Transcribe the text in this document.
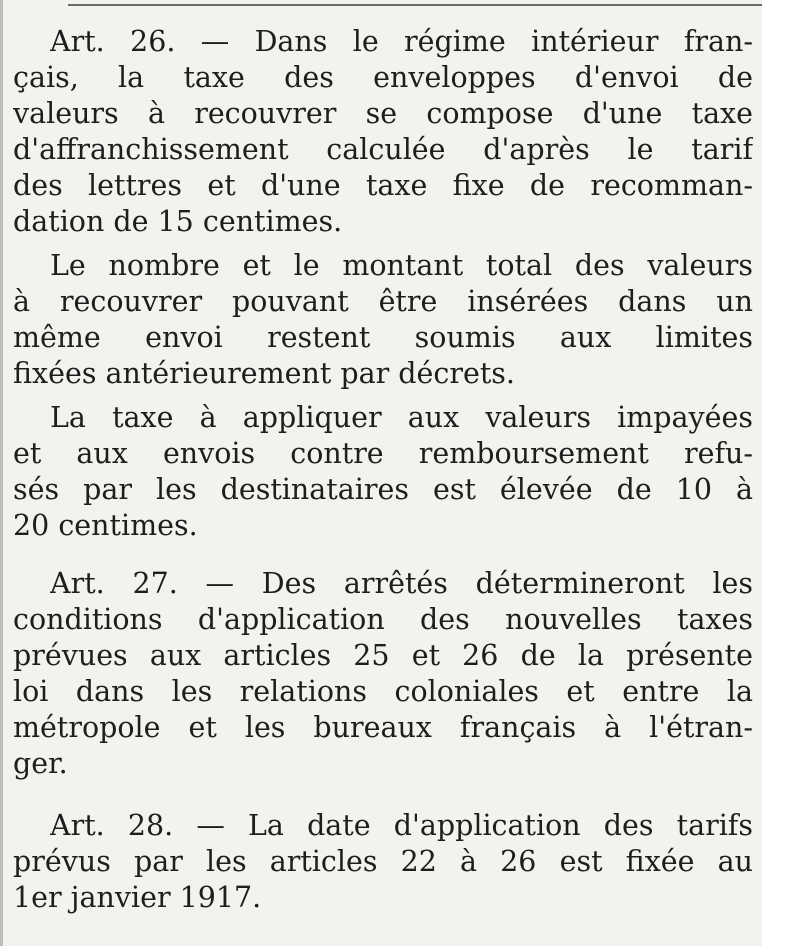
Art. 26. — Dans le régime intérieur fran-

çais, la taxe des enveloppes d'envoi de

valeurs à recouvrer se compose d'une taxe

d'affranchissement calculée d'après le tarif

des lettres et d'une taxe fixe de recomman-

dation de 15 centimes.

Le nombre et le montant total des valeurs

à recouvrer pouvant être insérées dans un

même envoi restent soumis aux limites

fixées antérieurement par décrets.

La taxe à appliquer aux valeurs impayées

et aux envois contre remboursement refu-

sés par les destinataires est élevée de 10 à

20 centimes.

Art. 27. — Des arrêtés détermineront les

conditions d'application des nouvelles taxes

prévues aux articles 25 et 26 de la présente

loi dans les relations coloniales et entre la

métropole et les bureaux français à l'étran-

ger.

Art. 28. — La date d'application des tarifs

prévus par les articles 22 à 26 est fixée au

1er janvier 1917.
